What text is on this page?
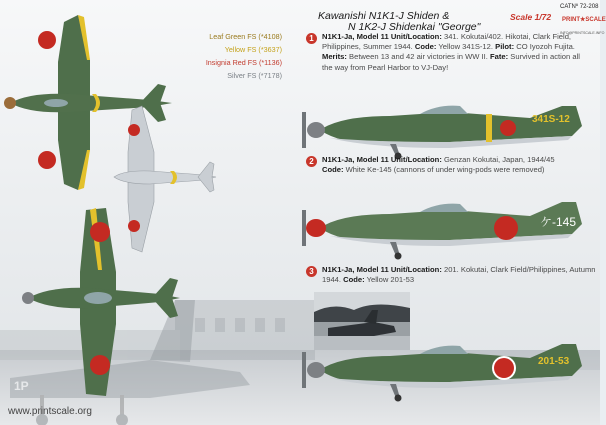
1P
Leaf Green FS (*4108)
Yellow FS (*3637)
Insignia Red FS (*1136)
Silver FS (*7178)
Kawanishi N1K1-J Shiden &
N 1K2-J Shidenkai "George"
Scale 1/72
CATNº 72-208
PRINT★SCALE
INFO@PRINTSCALE.INFO
1	N1K1-Ja, Model 11 Unit/Location: 341. Kokutai/402. Hikotai, Clark Field, Philippines, Summer 1944. Code: Yellow 341S-12. Pilot: CO Iyozoh Fujita. Merits: Between 13 and 42 air victories in WW II. Fate: Survived in action all the way from Pearl Harbor to VJ-Day!
341S-12
2	N1K1-Ja, Model 11 Unit/Location: Genzan Kokutai, Japan, 1944/45
Code: White Ke-145 (cannons of under wing-pods were removed)
ケ-145
3	N1K1-Ja, Model 11 Unit/Location: 201. Kokutai, Clark Field/Philippines, Autumn 1944. Code: Yellow 201-53
201-53
www.printscale.org
